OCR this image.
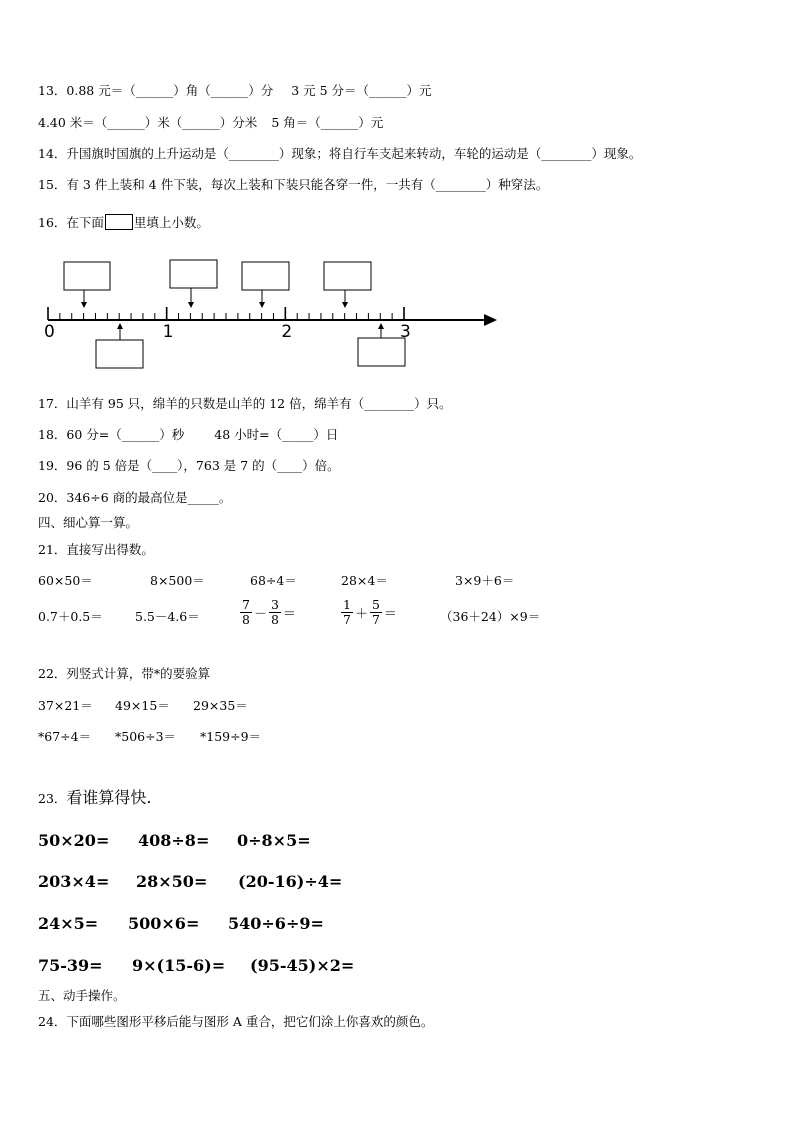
13．0.88 元＝（______）角（______）分 3 元 5 分＝（______）元
4.40 米＝（______）米（______）分米 5 角＝（______）元
14．升国旗时国旗的上升运动是（________）现象；将自行车支起来转动，车轮的运动是（________）现象。
15．有 3 件上装和 4 件下装，每次上装和下装只能各穿一件，一共有（________）种穿法。
16．在下面 里填上小数。
0	1	2	3
17．山羊有 95 只，绵羊的只数是山羊的 12 倍，绵羊有（________）只。
18．60 分=（______）秒 48 小时=（_____）日
19．96 的 5 倍是（____），763 是 7 的（____）倍。
20．346÷6 商的最高位是_____。
四、细心算一算。
21．直接写出得数。
60×50＝	8×500＝	68÷4＝	28×4＝	3×9＋6＝
0.7＋0.5＝	5.5－4.6＝	$\frac{7}{8} - \frac{3}{8}$ ＝	$\frac{1}{7} + \frac{5}{7}$ ＝	（36＋24）×9＝
22．列竖式计算，带*的要验算
37×21＝ 49×15＝ 29×35＝
*67÷4＝ *506÷3＝ *159÷9＝
23．看谁算得快.
50×20= 408÷8= 0÷8×5=
203×4= 28×50= (20-16)÷4=
24×5= 500×6= 540÷6÷9=
75-39= 9×(15-6)= (95-45)×2=
五、动手操作。
24．下面哪些图形平移后能与图形 A 重合，把它们涂上你喜欢的颜色。
